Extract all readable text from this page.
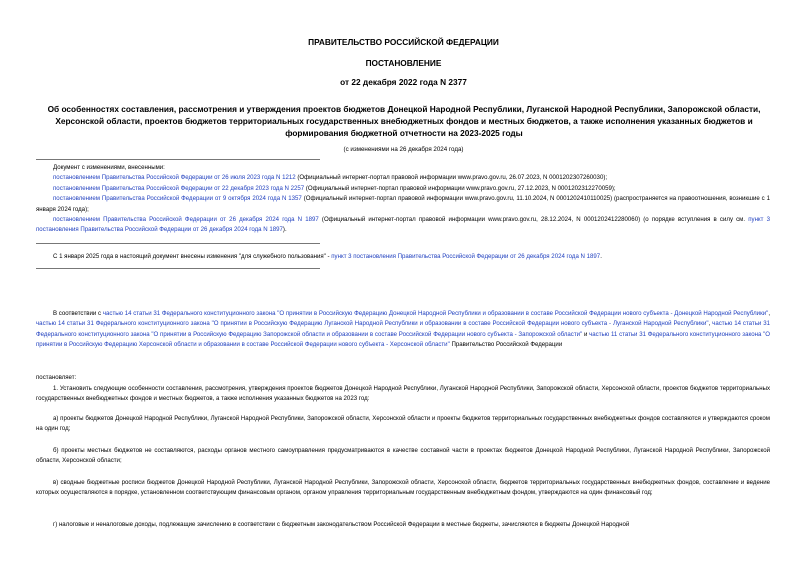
ПРАВИТЕЛЬСТВО РОССИЙСКОЙ ФЕДЕРАЦИИ
ПОСТАНОВЛЕНИЕ
от 22 декабря 2022 года N 2377
Об особенностях составления, рассмотрения и утверждения проектов бюджетов Донецкой Народной Республики, Луганской Народной Республики, Запорожской области, Херсонской области, проектов бюджетов территориальных государственных внебюджетных фондов и местных бюджетов, а также исполнения указанных бюджетов и формирования бюджетной отчетности на 2023-2025 годы
(с изменениями на 26 декабря 2024 года)
Документ с изменениями, внесенными:
постановлением Правительства Российской Федерации от 26 июля 2023 года N 1212 (Официальный интернет-портал правовой информации www.pravo.gov.ru, 26.07.2023, N 0001202307260030);
постановлением Правительства Российской Федерации от 22 декабря 2023 года N 2257 (Официальный интернет-портал правовой информации www.pravo.gov.ru, 27.12.2023, N 0001202312270059);
постановлением Правительства Российской Федерации от 9 октября 2024 года N 1357 (Официальный интернет-портал правовой информации www.pravo.gov.ru, 11.10.2024, N 0001202410110025) (распространяется на правоотношения, возникшие с 1 января 2024 года);
постановлением Правительства Российской Федерации от 26 декабря 2024 года N 1897 (Официальный интернет-портал правовой информации www.pravo.gov.ru, 28.12.2024, N 0001202412280060) (о порядке вступления в силу см. пункт 3 постановления Правительства Российской Федерации от 26 декабря 2024 года N 1897).
С 1 января 2025 года в настоящий документ внесены изменения "для служебного пользования" - пункт 3 постановления Правительства Российской Федерации от 26 декабря 2024 года N 1897.

В соответствии с частью 14 статьи 31 Федерального конституционного закона "О принятии в Российскую Федерацию Донецкой Народной Республики и образовании в составе Российской Федерации нового субъекта - Донецкой Народной Республики", частью 14 статьи 31 Федерального конституционного закона "О принятии в Российскую Федерацию Луганской Народной Республики и образовании в составе Российской Федерации нового субъекта - Луганской Народной Республики", частью 14 статьи 31 Федерального конституционного закона "О принятии в Российскую Федерацию Запорожской области и образовании в составе Российской Федерации нового субъекта - Запорожской области" и частью 11 статьи 31 Федерального конституционного закона "О принятии в Российскую Федерацию Херсонской области и образовании в составе Российской Федерации нового субъекта - Херсонской области" Правительство Российской Федерации

постановляет:

1. Установить следующие особенности составления, рассмотрения, утверждения проектов бюджетов Донецкой Народной Республики, Луганской Народной Республики, Запорожской области, Херсонской области, проектов бюджетов территориальных государственных внебюджетных фондов и местных бюджетов, а также исполнения указанных бюджетов на 2023 год:

а) проекты бюджетов Донецкой Народной Республики, Луганской Народной Республики, Запорожской области, Херсонской области и проекты бюджетов территориальных государственных внебюджетных фондов составляются и утверждаются сроком на один год;

б) проекты местных бюджетов не составляются, расходы органов местного самоуправления предусматриваются в качестве составной части в проектах бюджетов Донецкой Народной Республики, Луганской Народной Республики, Запорожской области, Херсонской области;

в) сводные бюджетные росписи бюджетов Донецкой Народной Республики, Луганской Народной Республики, Запорожской области, Херсонской области, бюджетов территориальных государственных внебюджетных фондов, составление и ведение которых осуществляются в порядке, установленном соответствующим финансовым органом, органом управления территориальным государственным внебюджетным фондом, утверждаются на один финансовый год;

г) налоговые и неналоговые доходы, подлежащие зачислению в соответствии с бюджетным законодательством Российской Федерации в местные бюджеты, зачисляются в бюджеты Донецкой Народной
